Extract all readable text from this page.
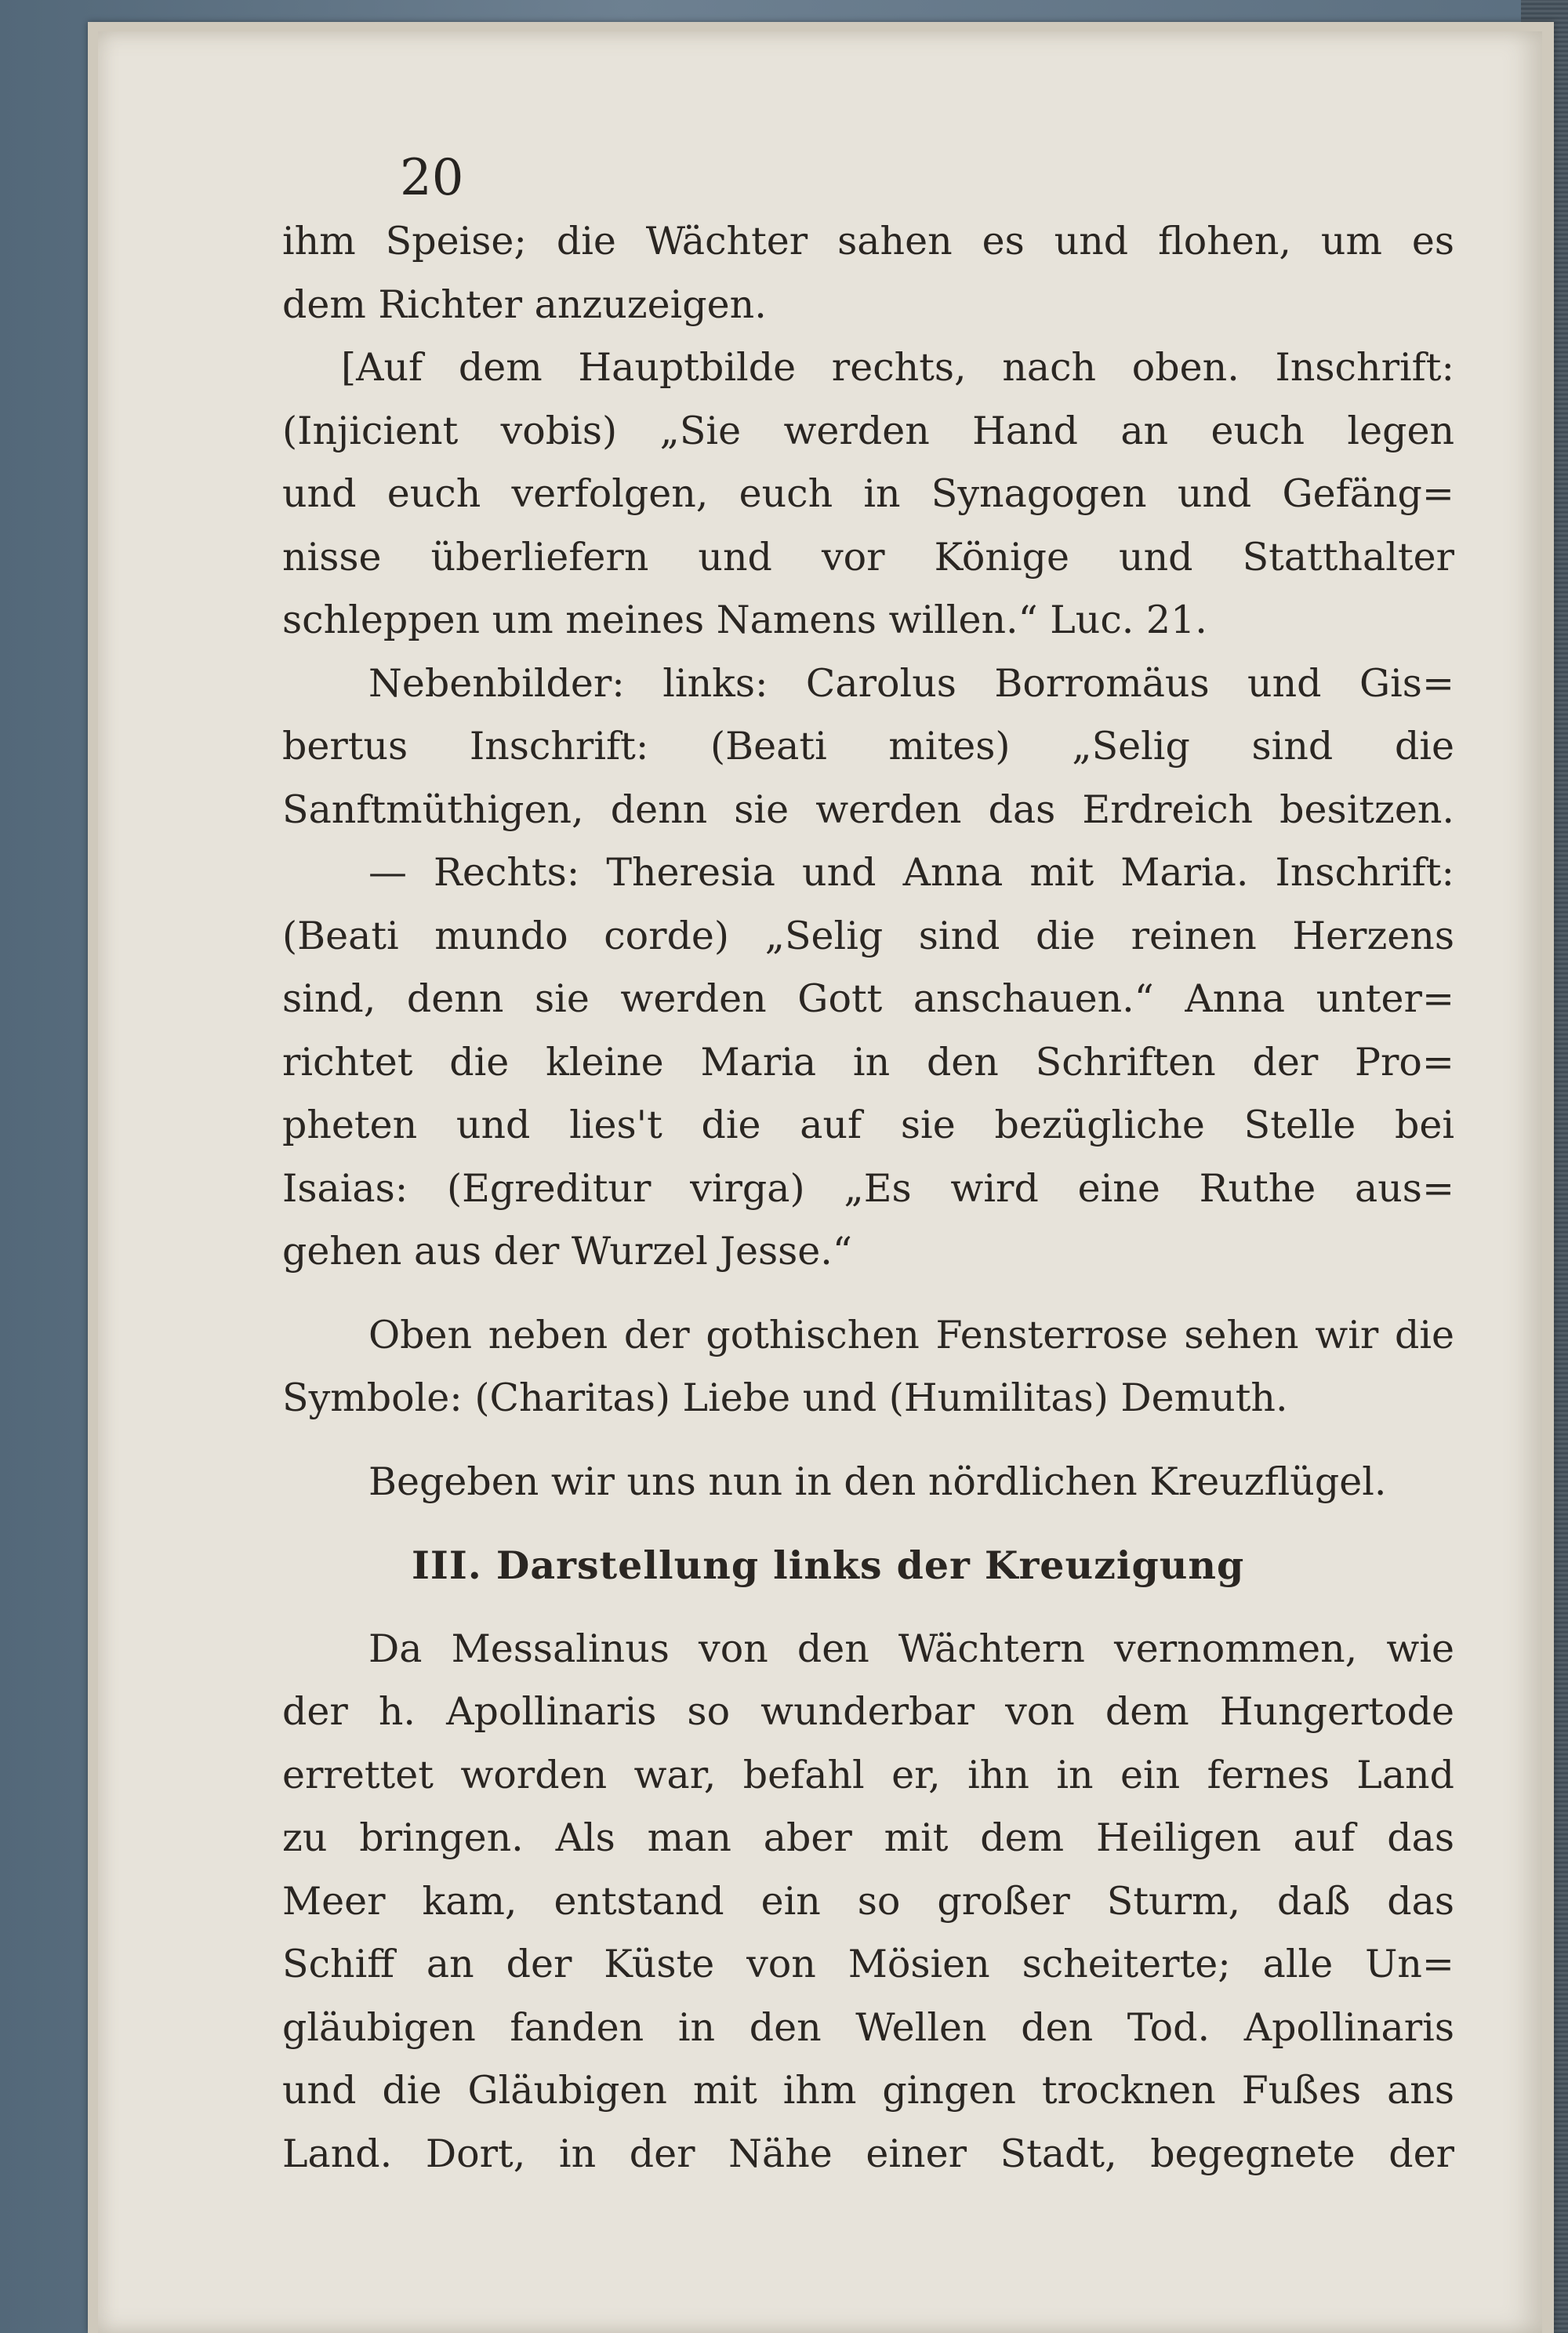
20
ihm Speise; die Wächter sahen es und flohen, um es
dem Richter anzuzeigen.
[Auf dem Hauptbilde rechts, nach oben. Inschrift:
(Injicient vobis) „Sie werden Hand an euch legen
und euch verfolgen, euch in Synagogen und Gefäng=
nisse überliefern und vor Könige und Statthalter
schleppen um meines Namens willen.“ Luc. 21.
Nebenbilder: links: Carolus Borromäus und Gis=
bertus Inschrift: (Beati mites) „Selig sind die
Sanftmüthigen, denn sie werden das Erdreich besitzen.
— Rechts: Theresia und Anna mit Maria. Inschrift:
(Beati mundo corde) „Selig sind die reinen Herzens
sind, denn sie werden Gott anschauen.“ Anna unter=
richtet die kleine Maria in den Schriften der Pro=
pheten und lies't die auf sie bezügliche Stelle bei
Isaias: (Egreditur virga) „Es wird eine Ruthe aus=
gehen aus der Wurzel Jesse.“
Oben neben der gothischen Fensterrose sehen wir die
Symbole: (Charitas) Liebe und (Humilitas) Demuth.
Begeben wir uns nun in den nördlichen Kreuzflügel.
III. Darstellung links der Kreuzigung
Da Messalinus von den Wächtern vernommen, wie
der h. Apollinaris so wunderbar von dem Hungertode
errettet worden war, befahl er, ihn in ein fernes Land
zu bringen. Als man aber mit dem Heiligen auf das
Meer kam, entstand ein so großer Sturm, daß das
Schiff an der Küste von Mösien scheiterte; alle Un=
gläubigen fanden in den Wellen den Tod. Apollinaris
und die Gläubigen mit ihm gingen trocknen Fußes ans
Land. Dort, in der Nähe einer Stadt, begegnete der
